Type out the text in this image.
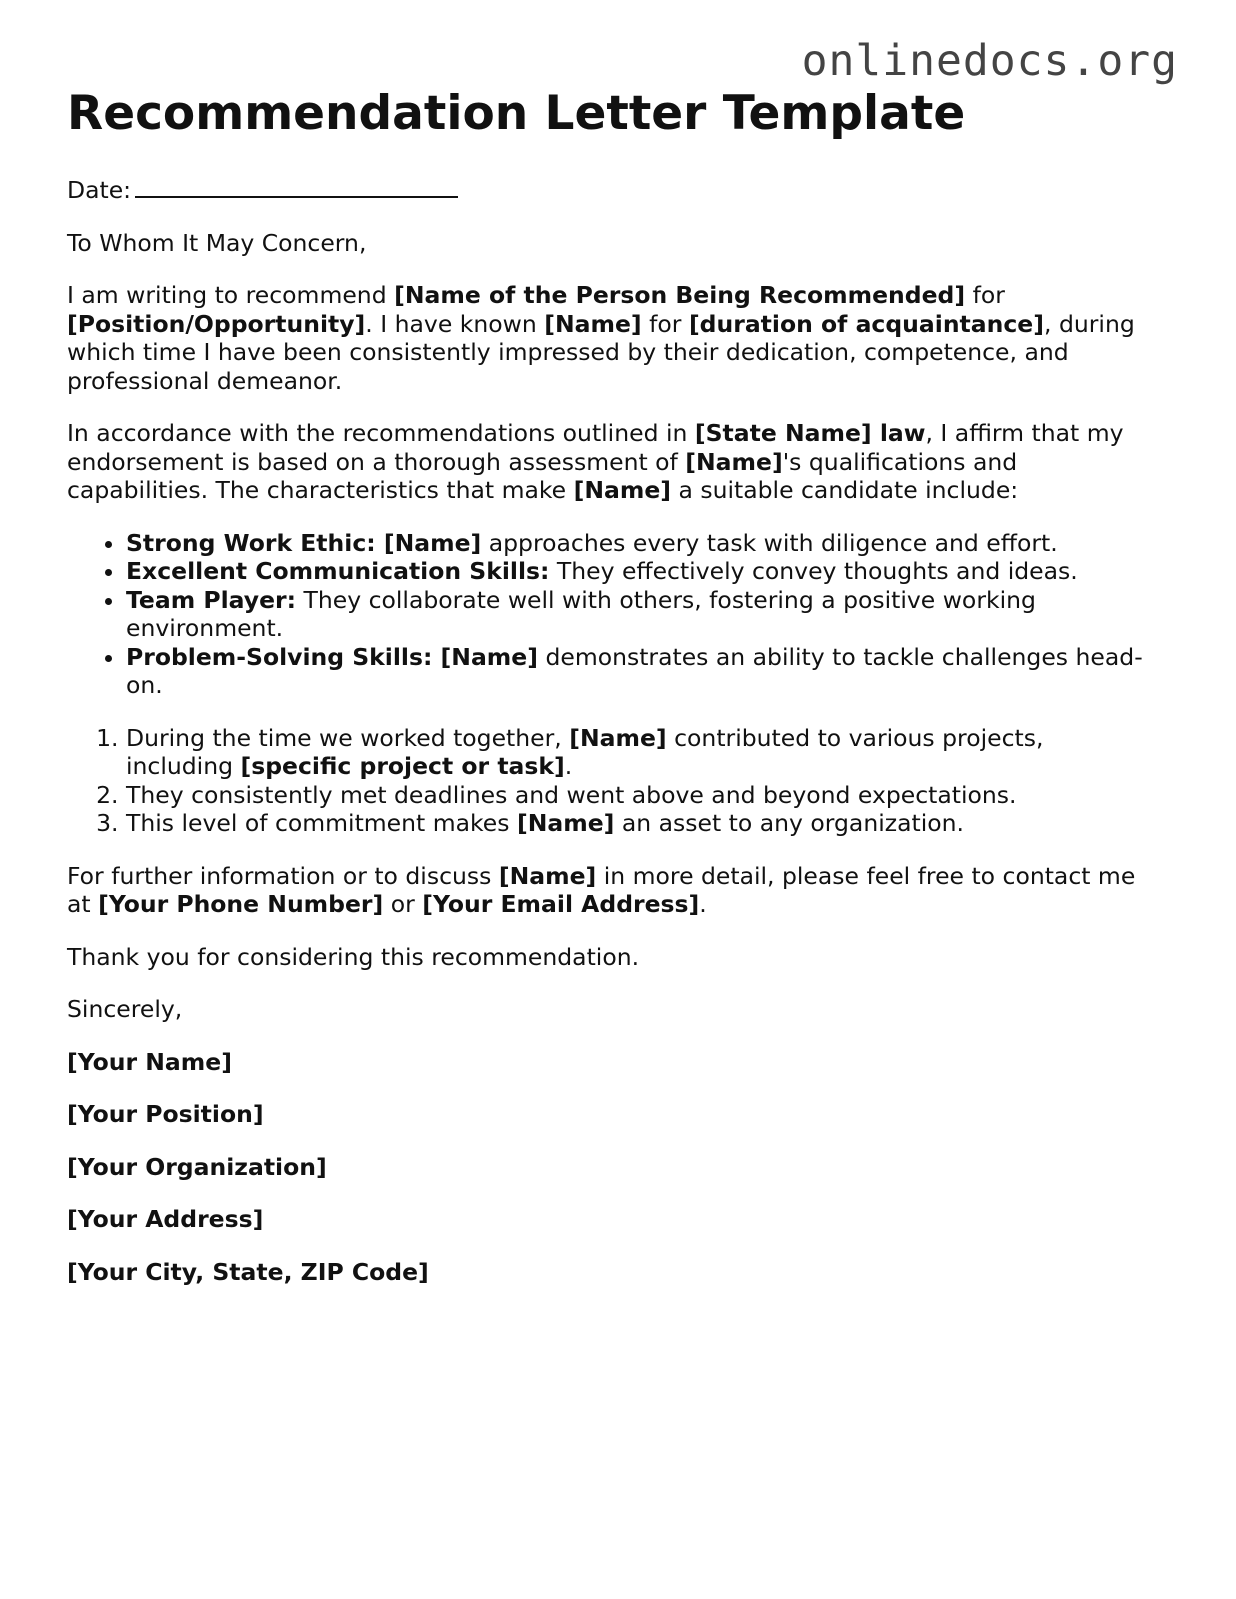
onlinedocs.org
Recommendation Letter Template

Date:

To Whom It May Concern,

I am writing to recommend [Name of the Person Being Recommended] for [Position/Opportunity]. I have known [Name] for [duration of acquaintance], during which time I have been consistently impressed by their dedication, competence, and professional demeanor.

In accordance with the recommendations outlined in [State Name] law, I affirm that my endorsement is based on a thorough assessment of [Name]'s qualifications and capabilities. The characteristics that make [Name] a suitable candidate include:

• Strong Work Ethic: [Name] approaches every task with diligence and effort.
• Excellent Communication Skills: They effectively convey thoughts and ideas.
• Team Player: They collaborate well with others, fostering a positive working environment.
• Problem-Solving Skills: [Name] demonstrates an ability to tackle challenges head-on.
1. During the time we worked together, [Name] contributed to various projects, including [specific project or task].
2. They consistently met deadlines and went above and beyond expectations.
3. This level of commitment makes [Name] an asset to any organization.

For further information or to discuss [Name] in more detail, please feel free to contact me at [Your Phone Number] or [Your Email Address].

Thank you for considering this recommendation.

Sincerely,

[Your Name]

[Your Position]

[Your Organization]

[Your Address]

[Your City, State, ZIP Code]
